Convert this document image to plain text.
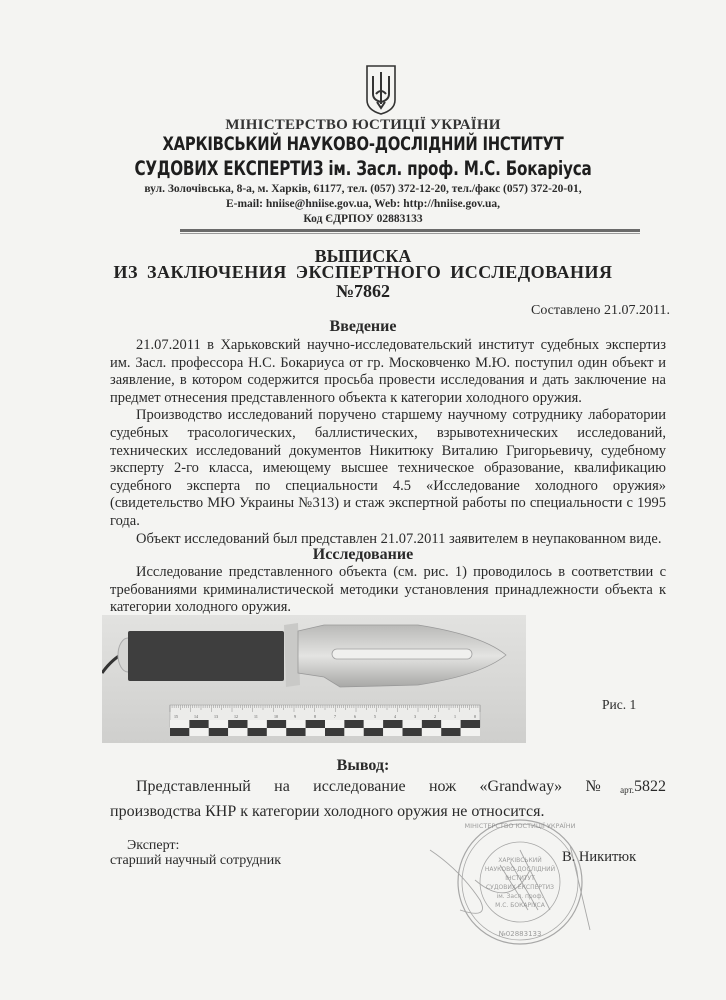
МІНІСТЕРСТВО ЮСТИЦІЇ УКРАЇНИ
ХАРКІВСЬКИЙ НАУКОВО-ДОСЛІДНИЙ ІНСТИТУТ
СУДОВИХ ЕКСПЕРТИЗ ім. Засл. проф. М.С. Бокаріуса
вул. Золочівська, 8-а, м. Харків, 61177, тел. (057) 372-12-20, тел./факс (057) 372-20-01,
E-mail: hniise@hniise.gov.ua, Web: http://hniise.gov.ua,
Код ЄДРПОУ 02883133
ВЫПИСКА
ИЗ ЗАКЛЮЧЕНИЯ ЭКСПЕРТНОГО ИССЛЕДОВАНИЯ
№7862
Составлено 21.07.2011.
Введение

21.07.2011 в Харьковский научно-исследовательский институт судебных экспертиз им. Засл. профессора Н.С. Бокариуса от гр. Московченко М.Ю. поступил один объект и заявление, в котором содержится просьба провести исследования и дать заключение на предмет отнесения представленного объекта к категории холодного оружия.

Производство исследований поручено старшему научному сотруднику лаборатории судебных трасологических, баллистических, взрывотехнических исследований, технических исследований документов Никитюку Виталию Григорьевичу, судебному эксперту 2-го класса, имеющему высшее техническое образование, квалификацию судебного эксперта по специальности 4.5 «Исследование холодного оружия» (свидетельство МЮ Украины №313) и стаж экспертной работы по специальности с 1995 года.

Объект исследований был представлен 21.07.2011 заявителем в неупакованном виде.

Исследование

Исследование представленного объекта (см. рис. 1) проводилось в соответствии с требованиями криминалистической методики установления принадлежности объекта к категории холодного оружия.

15	14	13	12	11	10	9	8	7	6	5	4	3	2	1	0
Рис. 1
Вывод:

Представленный на исследование нож «Grandway» $№_{арт.}5822$

производства КНР к категории холодного оружия не относится.

Эксперт:
старший научный сотрудник	В. Никитюк
ХАРКІВСЬКИЙ
НАУКОВО-ДОСЛІДНИЙ
ІНСТИТУТ
СУДОВИХ ЕКСПЕРТИЗ
ім. Засл. проф.
М.С. БОКАРІУСА
№02883133
МІНІСТЕРСТВО ЮСТИЦІЇ УКРАЇНИ
